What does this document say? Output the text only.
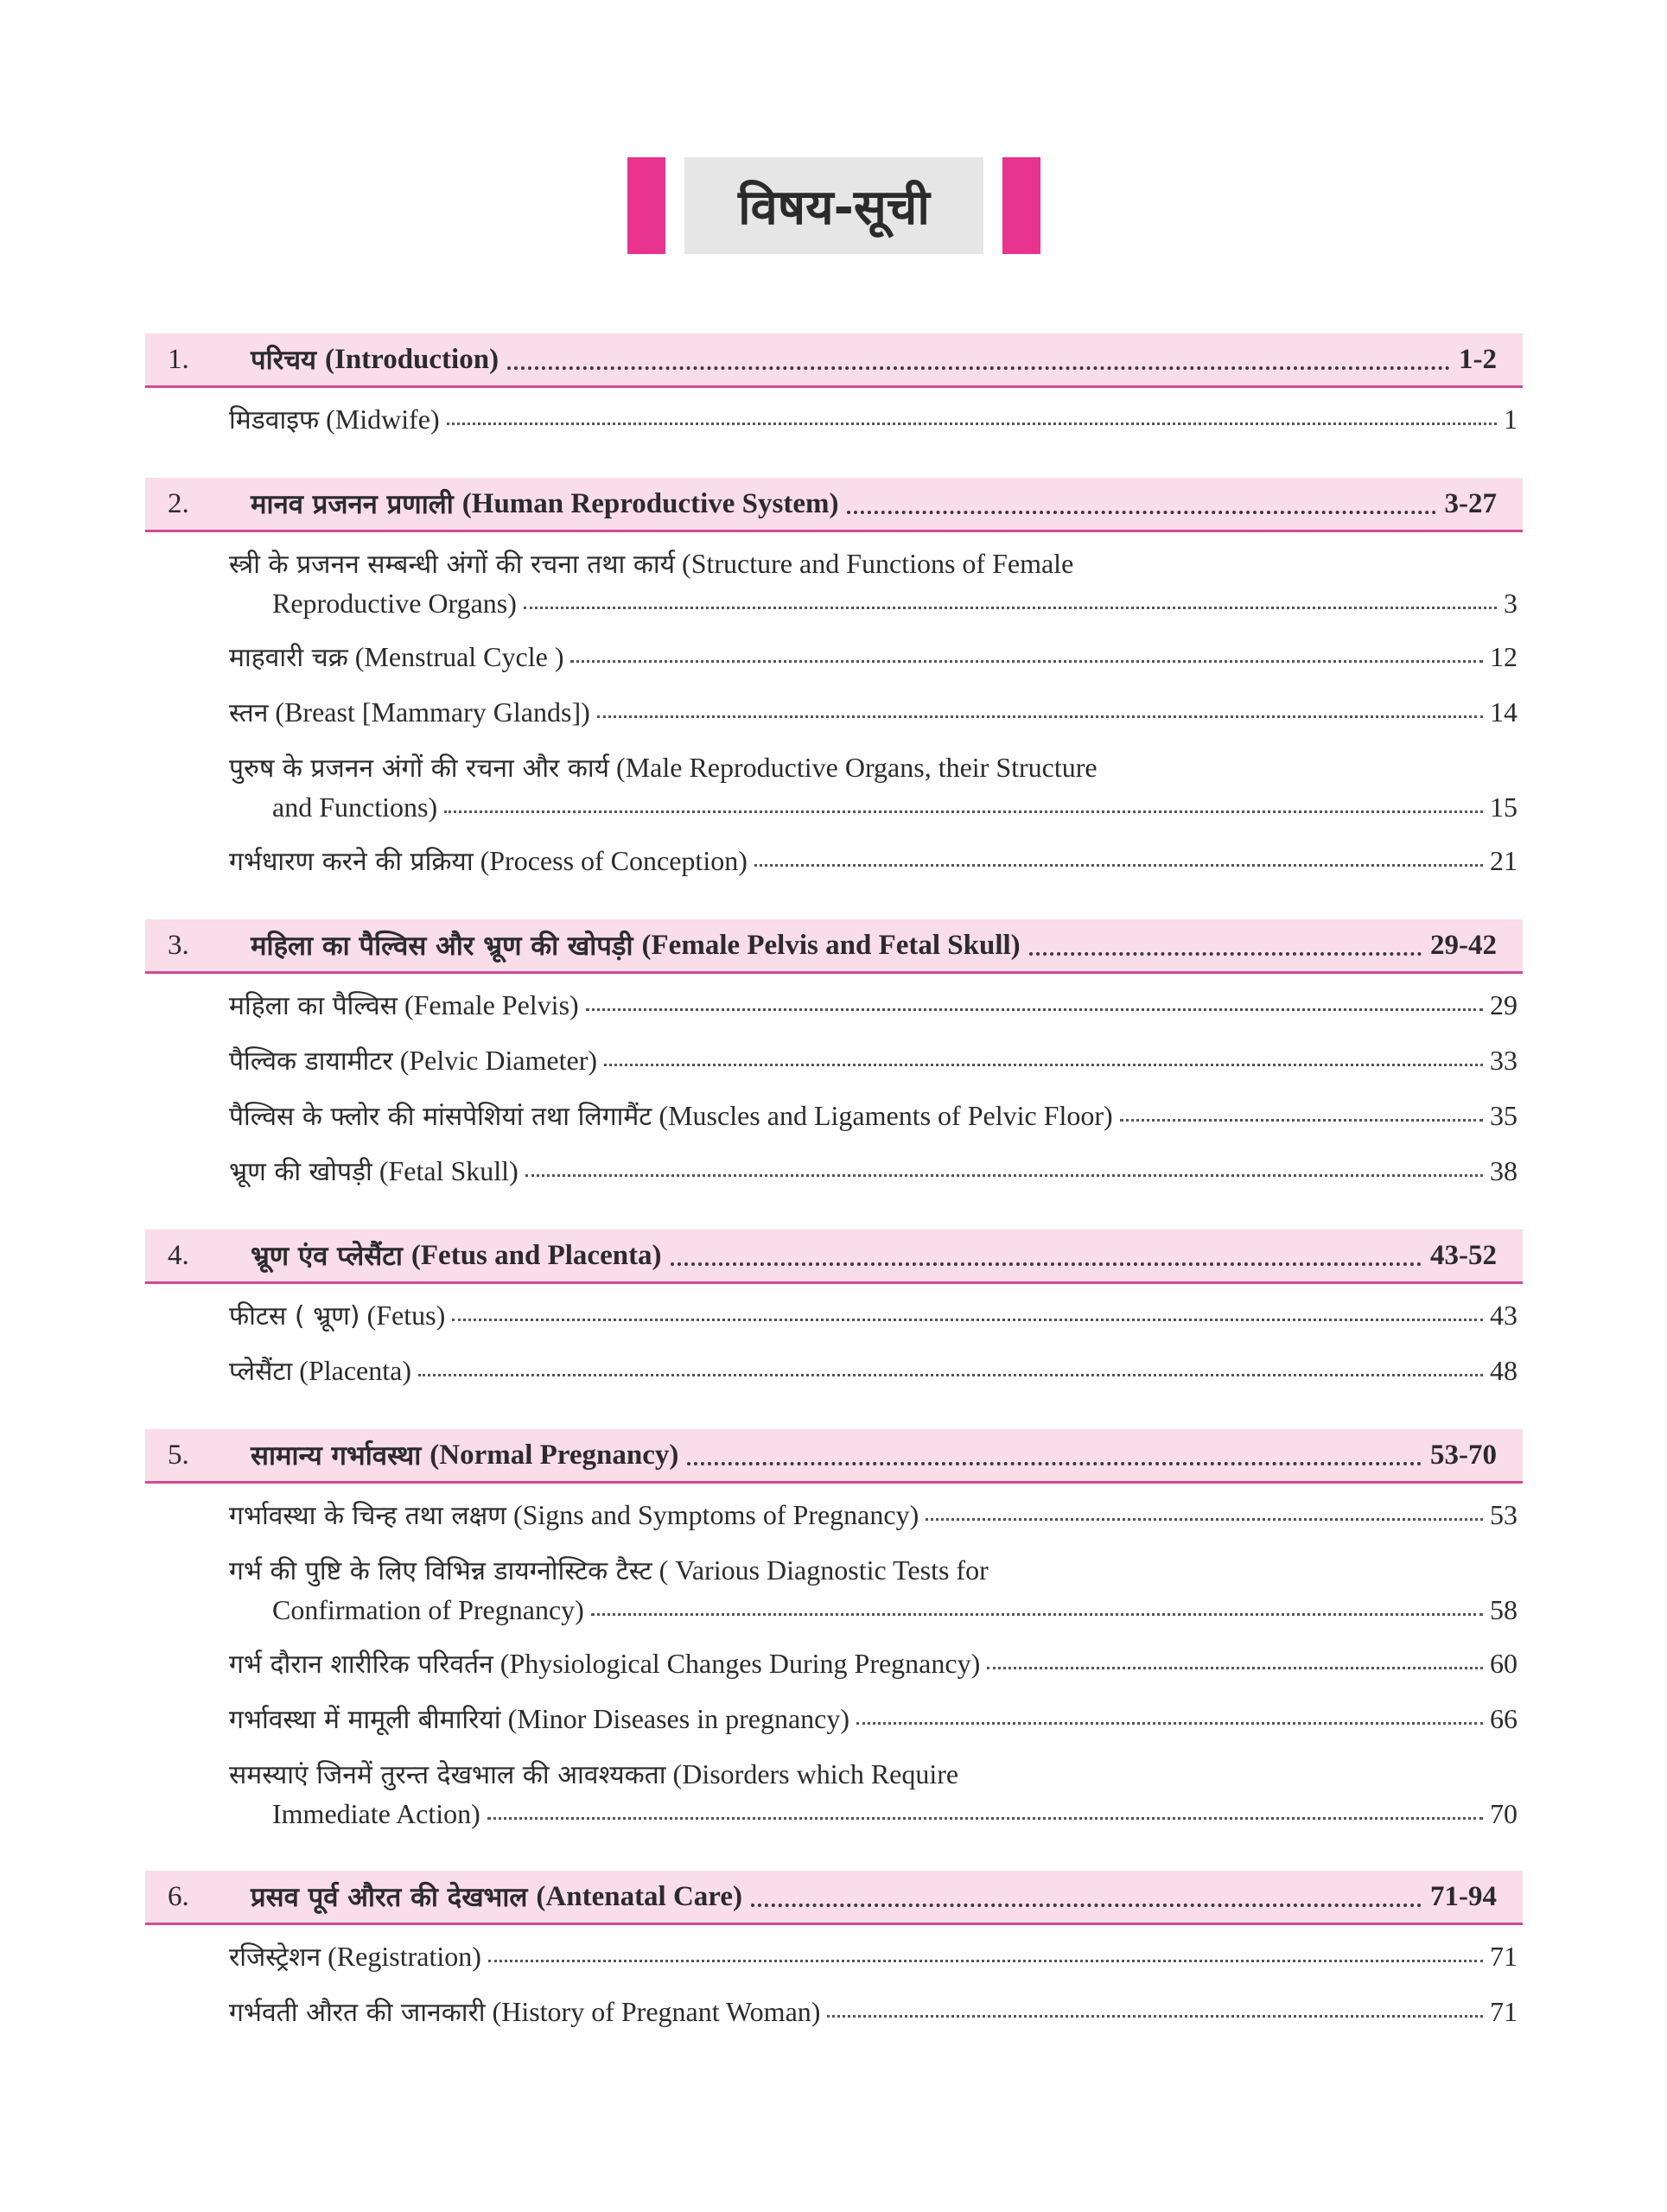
विषय-सूची
1.	परिचय (Introduction)	1-2
मिडवाइफ (Midwife)	1
2.	मानव प्रजनन प्रणाली (Human Reproductive System)	3-27
स्त्री के प्रजनन सम्बन्धी अंगों की रचना तथा कार्य (Structure and Functions of Female
Reproductive Organs)	3
माहवारी चक्र (Menstrual Cycle )	12
स्तन (Breast [Mammary Glands])	14
पुरुष के प्रजनन अंगों की रचना और कार्य (Male Reproductive Organs, their Structure
and Functions)	15
गर्भधारण करने की प्रक्रिया (Process of Conception)	21
3.	महिला का पैल्विस और भ्रूण की खोपड़ी (Female Pelvis and Fetal Skull)	29-42
महिला का पैल्विस (Female Pelvis)	29
पैल्विक डायामीटर (Pelvic Diameter)	33
पैल्विस के फ्लोर की मांसपेशियां तथा लिगामैंट (Muscles and Ligaments of Pelvic Floor)	35
भ्रूण की खोपड़ी (Fetal Skull)	38
4.	भ्रूण एंव प्लेसैंटा (Fetus and Placenta)	43-52
फीटस ( भ्रूण) (Fetus)	43
प्लेसैंटा (Placenta)	48
5.	सामान्य गर्भावस्था (Normal Pregnancy)	53-70
गर्भावस्था के चिन्ह तथा लक्षण (Signs and Symptoms of Pregnancy)	53
गर्भ की पुष्टि के लिए विभिन्न डायग्नोस्टिक टैस्ट ( Various Diagnostic Tests for
Confirmation of Pregnancy)	58
गर्भ दौरान शारीरिक परिवर्तन (Physiological Changes During Pregnancy)	60
गर्भावस्था में मामूली बीमारियां (Minor Diseases in pregnancy)	66
समस्याएं जिनमें तुरन्त देखभाल की आवश्यकता (Disorders which Require
Immediate Action)	70
6.	प्रसव पूर्व औरत की देखभाल (Antenatal Care)	71-94
रजिस्ट्रेशन (Registration)	71
गर्भवती औरत की जानकारी (History of Pregnant Woman)	71
